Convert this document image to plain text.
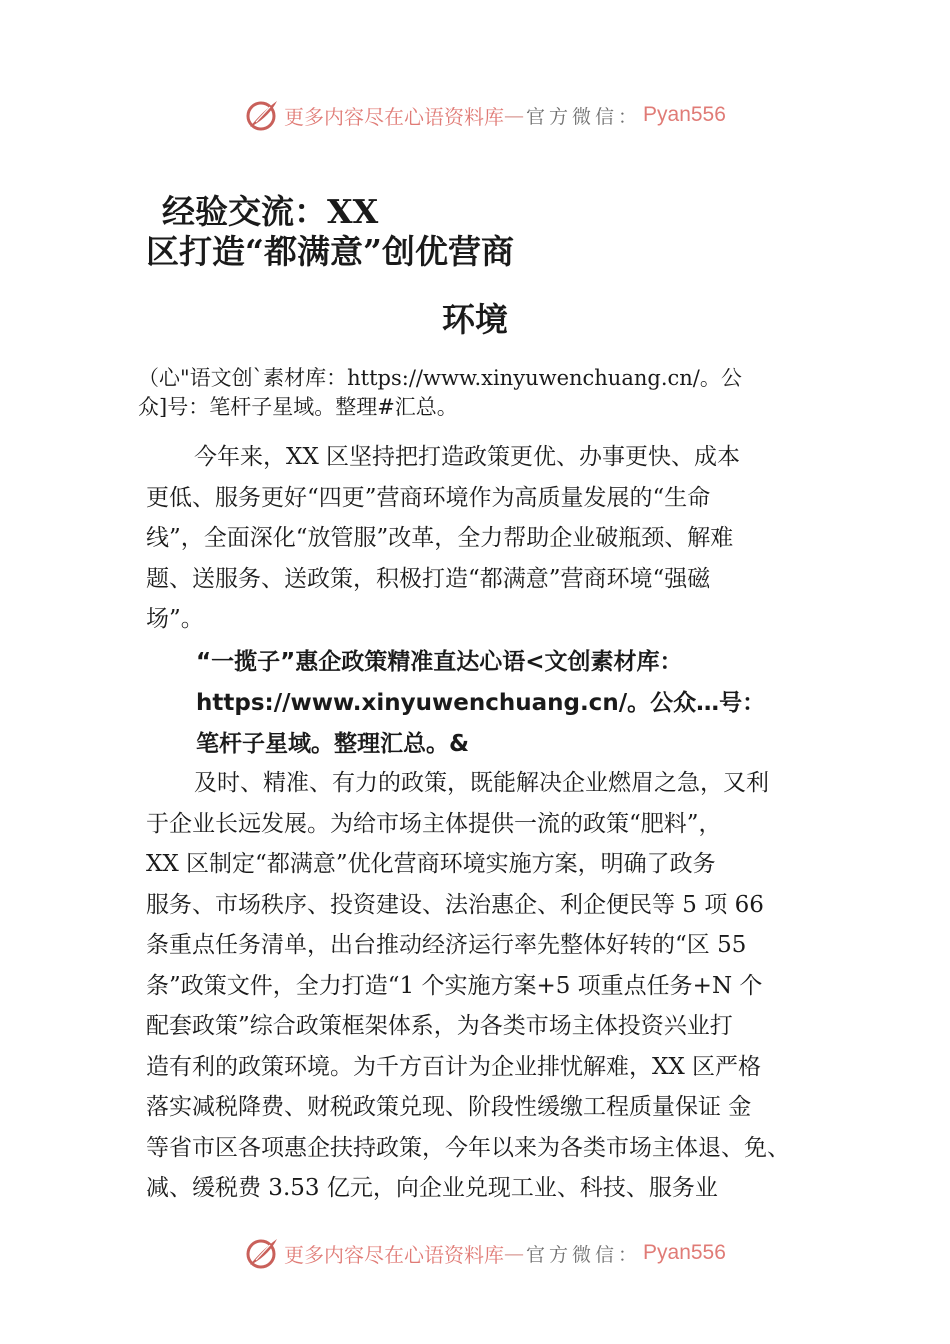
更多内容尽在心语资料库 — 官方微信： Pyan556
经验交流：XX
区打造“都满意”创优营商
环境
（心"语文创`素材库：https://www.xinyuwenchuang.cn/。公
众]号：笔杆子星域。整理#汇总。
今年来，XX 区坚持把打造政策更优、办事更快、成本
更低、服务更好“四更”营商环境作为高质量发展的“生命
线”，全面深化“放管服”改革，全力帮助企业破瓶颈、解难
题、送服务、送政策，积极打造“都满意”营商环境“强磁
场”。
“一揽子”惠企政策精准直达心语<文创素材库：
https://www.xinyuwenchuang.cn/。公众…号：
笔杆子星域。整理汇总。&
及时、精准、有力的政策，既能解决企业燃眉之急，又利
于企业长远发展。为给市场主体提供一流的政策“肥料”，
XX 区制定“都满意”优化营商环境实施方案，明确了政务
服务、市场秩序、投资建设、法治惠企、利企便民等 5 项 66
条重点任务清单，出台推动经济运行率先整体好转的“区 55
条”政策文件，全力打造“1 个实施方案+5 项重点任务+N 个
配套政策”综合政策框架体系，为各类市场主体投资兴业打
造有利的政策环境。为千方百计为企业排忧解难，XX 区严格
落实减税降费、财税政策兑现、阶段性缓缴工程质量保证 金
等省市区各项惠企扶持政策，今年以来为各类市场主体退、免、
减、缓税费 3.53 亿元，向企业兑现工业、科技、服务业
更多内容尽在心语资料库 — 官方微信： Pyan556
